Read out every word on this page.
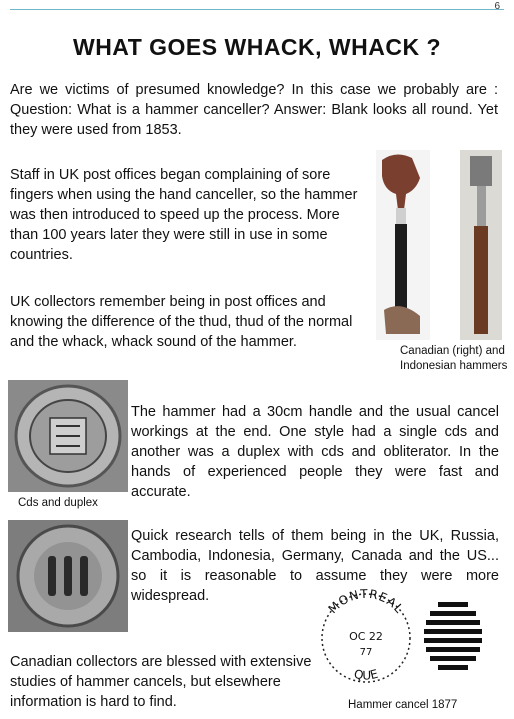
6
WHAT GOES WHACK, WHACK ?
Are we victims of presumed knowledge? In this case we probably are : Question: What is a hammer canceller? Answer: Blank looks all round. Yet they were used from 1853.
Staff in UK post offices began complaining of sore fingers when using the hand canceller, so the hammer was then introduced to speed up the process. More than 100 years later they were still in use in some countries.
UK collectors remember being in post offices and knowing the difference of the thud, thud of the normal and the whack, whack sound of the hammer.
Canadian (right) and Indonesian hammers
Cds and duplex
The hammer had a 30cm handle and the usual cancel workings at the end. One style had a single cds and another was a duplex with cds and obliterator. In the hands of experienced people they were fast and accurate.
Quick research tells of them being in the UK, Russia, Cambodia, Indonesia, Germany, Canada and the US... so it is reasonable to assume they were more widespread.
Canadian collectors are blessed with extensive studies of hammer cancels, but elsewhere information is hard to find.
MONTREAL
OC 22
77
QUE
Hammer cancel 1877
